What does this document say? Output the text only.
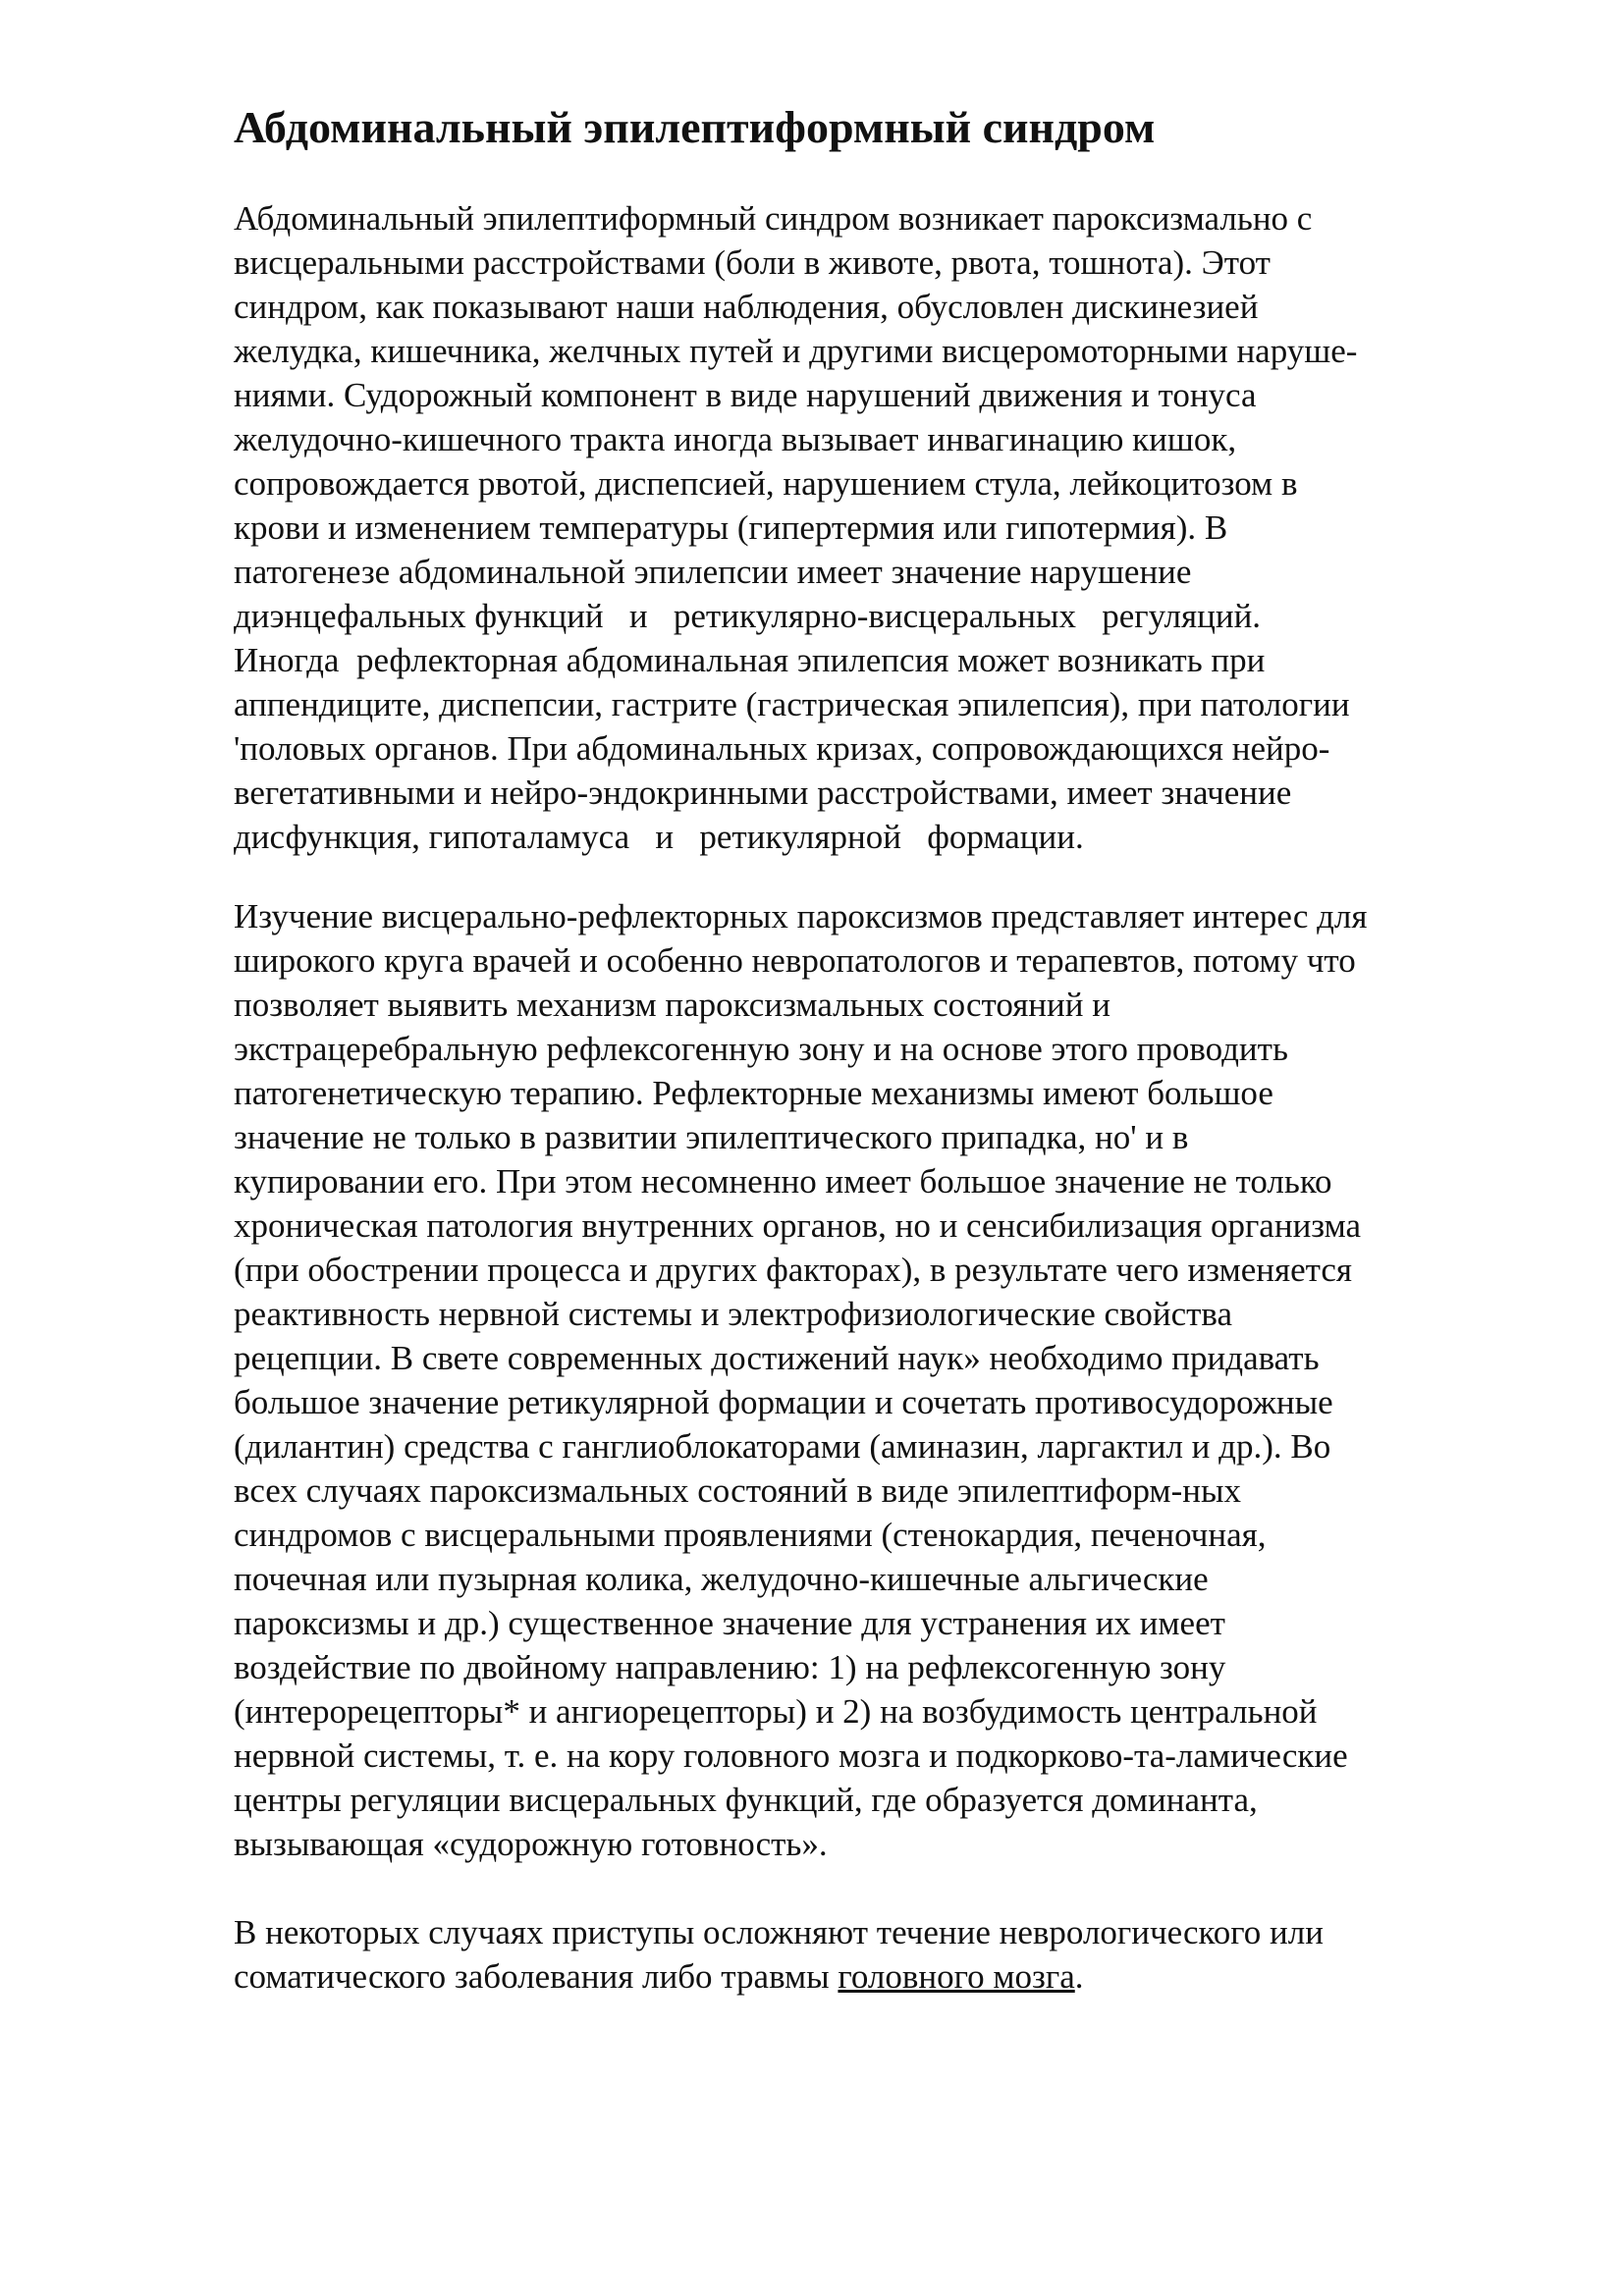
Абдоминальный эпилептиформный синдром
Абдоминальный эпилептиформный синдром возникает пароксизмально с
висцеральными расстройствами (боли в животе, рвота, тошнота). Этот
синдром, как показывают наши наблюдения, обусловлен дискинезией
желудка, кишечника, желчных путей и другими висцеромоторными наруше-
ниями. Судорожный компонент в виде нарушений движения и тонуса
желудочно-кишечного тракта иногда вызывает инвагинацию кишок,
сопровождается рвотой, диспепсией, нарушением стула, лейкоцитозом в
крови и изменением температуры (гипертермия или гипотермия). В
патогенезе абдоминальной эпилепсии имеет значение нарушение
диэнцефальных функций   и   ретикулярно-висцеральных   регуляций.
Иногда  рефлекторная абдоминальная эпилепсия может возникать при
аппендиците, диспепсии, гастрите (гастрическая эпилепсия), при патологии
'половых органов. При абдоминальных кризах, сопровождающихся нейро-
вегетативными и нейро-эндокринными расстройствами, имеет значение
дисфункция, гипоталамуса   и   ретикулярной   формации.
Изучение висцерально-рефлекторных пароксизмов представляет интерес для
широкого круга врачей и особенно невропатологов и терапевтов, потому что
позволяет выявить механизм пароксизмальных состояний и
экстрацеребральную рефлексогенную зону и на основе этого проводить
патогенетическую терапию. Рефлекторные механизмы имеют большое
значение не только в развитии эпилептического припадка, но' и в
купировании его. При этом несомненно имеет большое значение не только
хроническая патология внутренних органов, но и сенсибилизация организма
(при обострении процесса и других факторах), в результате чего изменяется
реактивность нервной системы и электрофизиологические свойства
рецепции. В свете современных достижений наук» необходимо придавать
большое значение ретикулярной формации и сочетать противосудорожные
(дилантин) средства с ганглиоблокаторами (аминазин, ларгактил и др.). Во
всех случаях пароксизмальных состояний в виде эпилептиформ-ных
синдромов с висцеральными проявлениями (стенокардия, печеночная,
почечная или пузырная колика, желудочно-кишечные альгические
пароксизмы и др.) существенное значение для устранения их имеет
воздействие по двойному направлению: 1) на рефлексогенную зону
(интерорецепторы* и ангиорецепторы) и 2) на возбудимость центральной
нервной системы, т. е. на кору головного мозга и подкорково-та-ламические
центры регуляции висцеральных функций, где образуется доминанта,
вызывающая «судорожную готовность».
В некоторых случаях приступы осложняют течение неврологического или
соматического заболевания либо травмы головного мозга.
